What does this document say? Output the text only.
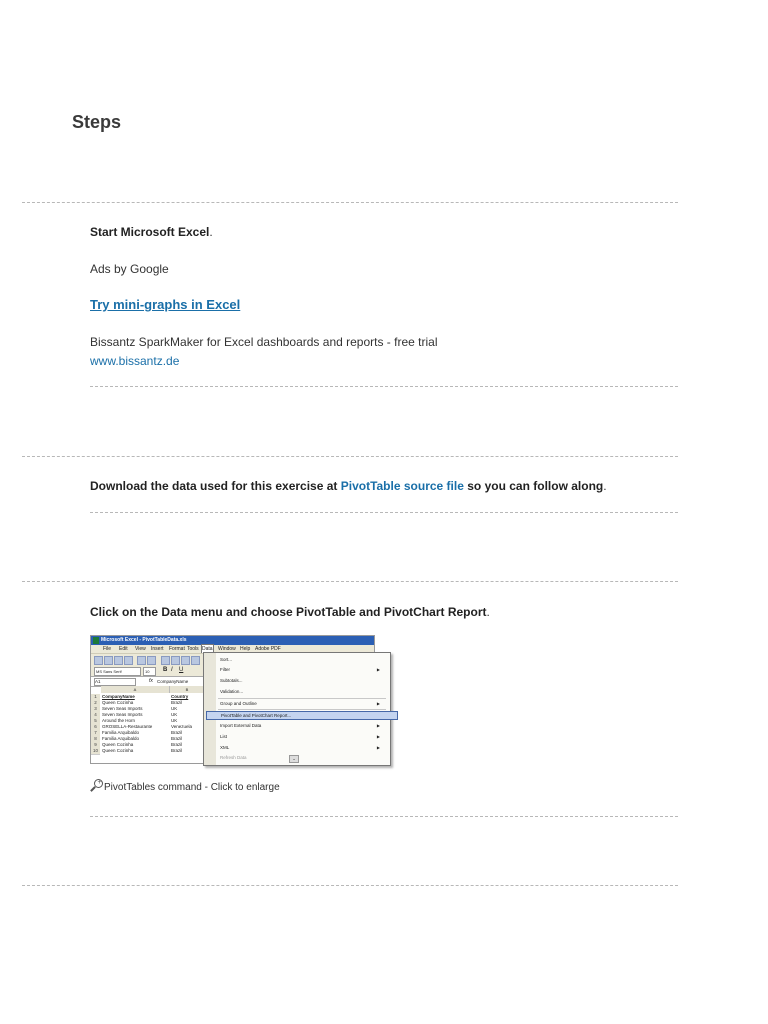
Steps
Start Microsoft Excel.
Ads by Google
Try mini-graphs in Excel
Bissantz SparkMaker for Excel dashboards and reports - free trial
www.bissantz.de
Download the data used for this exercise at PivotTable source file so you can follow along.
Click on the Data menu and choose PivotTable and PivotChart Report.
Microsoft Excel - PivotTableData.xls
File Edit View Insert Format Tools Data Window Help Adobe PDF
MS Sans Serif	10	B I U
A1	fx CompanyName
A	B
1	CompanyName	Country
2	Queen Cozinha	Brazil
3	Seven Seas Imports	UK
4	Seven Seas Imports	UK
5	Around the Horn	UK
6	GROSELLA-Restaurante	Venezuela
7	Familia Arquibaldo	Brazil
8	Familia Arquibaldo	Brazil
9	Queen Cozinha	Brazil
10 Queen Cozinha	Brazil
Sort...
Filter	▶
Subtotals...
Validation...
Group and Outline	▶
PivotTable and PivotChart Report...
Import External Data	▶
List	▶
XML	▶
Refresh Data	⌄
+ PivotTables command - Click to enlarge
